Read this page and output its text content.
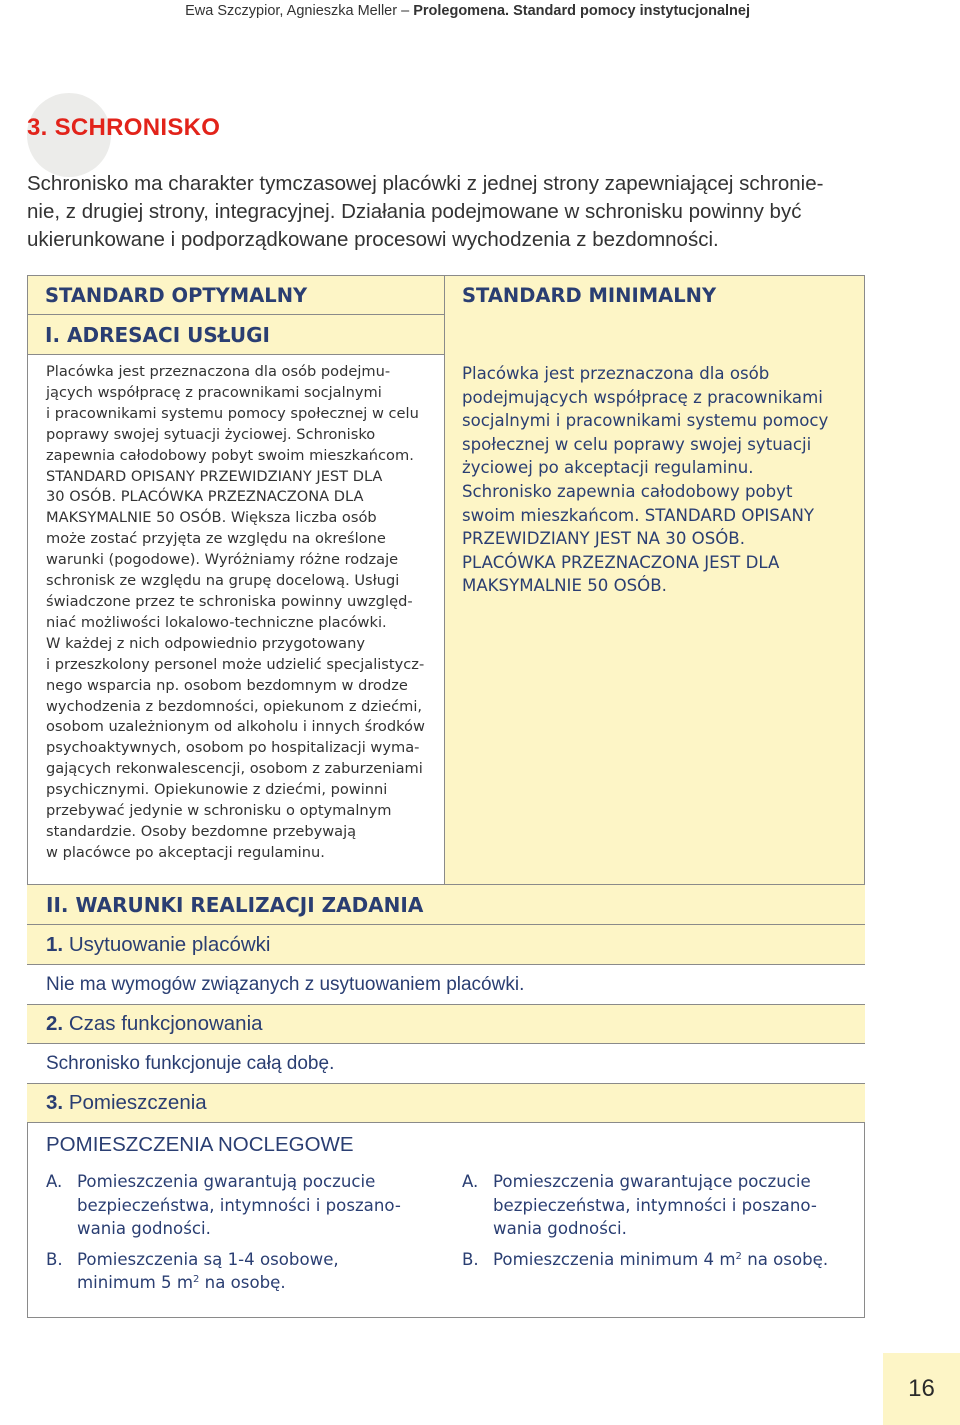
Ewa Szczypior, Agnieszka Meller – Prolegomena. Standard pomocy instytucjonalnej
3. SCHRONISKO

Schronisko ma charakter tymczasowej placówki z jednej strony zapewniającej schronie-

nie, z drugiej strony, integracyjnej. Działania podejmowane w schronisku powinny być

ukierunkowane i podporządkowane procesowi wychodzenia z bezdomności.

STANDARD OPTYMALNY	STANDARD MINIMALNY
I. ADRESACI USŁUGI
Placówka jest przeznaczona dla osób podejmu-
jących współpracę z pracownikami socjalnymi
i pracownikami systemu pomocy społecznej w celu
poprawy swojej sytuacji życiowej. Schronisko
zapewnia całodobowy pobyt swoim mieszkańcom.
STANDARD OPISANY PRZEWIDZIANY JEST DLA
30 OSÓB. PLACÓWKA PRZEZNACZONA DLA
MAKSYMALNIE 50 OSÓB. Większa liczba osób
może zostać przyjęta ze względu na określone
warunki (pogodowe). Wyróżniamy różne rodzaje
schronisk ze względu na grupę docelową. Usługi
świadczone przez te schroniska powinny uwzględ-
niać możliwości lokalowo-techniczne placówki.
W każdej z nich odpowiednio przygotowany
i przeszkolony personel może udzielić specjalistycz-
nego wsparcia np. osobom bezdomnym w drodze
wychodzenia z bezdomności, opiekunom z dziećmi,
osobom uzależnionym od alkoholu i innych środków
psychoaktywnych, osobom po hospitalizacji wyma-
gających rekonwalescencji, osobom z zaburzeniami
psychicznymi. Opiekunowie z dziećmi, powinni
przebywać jedynie w schronisku o optymalnym
standardzie. Osoby bezdomne przebywają
w placówce po akceptacji regulaminu.
Placówka jest przeznaczona dla osób
podejmujących współpracę z pracownikami
socjalnymi i pracownikami systemu pomocy
społecznej w celu poprawy swojej sytuacji
życiowej po akceptacji regulaminu.
Schronisko zapewnia całodobowy pobyt
swoim mieszkańcom. STANDARD OPISANY
PRZEWIDZIANY JEST NA 30 OSÓB.
PLACÓWKA PRZEZNACZONA JEST DLA
MAKSYMALNIE 50 OSÓB.
II. WARUNKI REALIZACJI ZADANIA
1.
Usytuowanie placówki
Nie ma wymogów związanych z usytuowaniem placówki.
2.
Czas funkcjonowania
Schronisko funkcjonuje całą dobę.
3.
Pomieszczenia
POMIESZCZENIA NOCLEGOWE
A. Pomieszczenia gwarantują poczucie
bezpieczeństwa, intymności i poszano-
wania godności.
B. Pomieszczenia są 1-4 osobowe,
minimum 5 $m^2$ na osobę.
A. Pomieszczenia gwarantujące poczucie
bezpieczeństwa, intymności i poszano-
wania godności.
B. Pomieszczenia minimum 4 $m^2$ na osobę.
16
